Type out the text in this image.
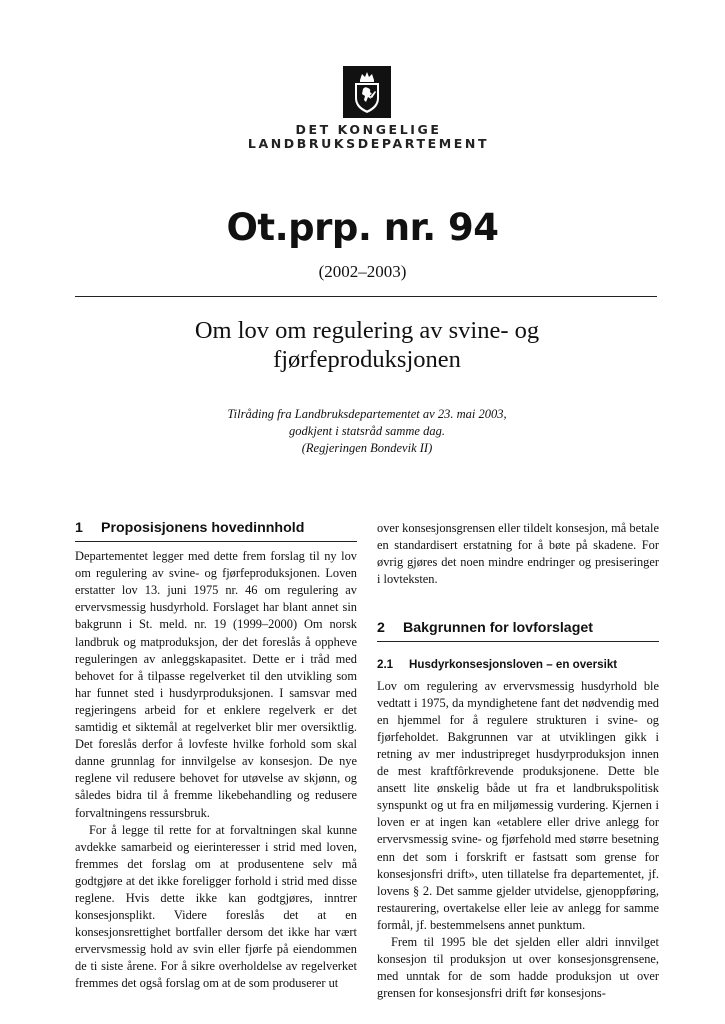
DET KONGELIGE
LANDBRUKSDEPARTEMENT
Ot.prp. nr. 94
(2002–2003)
Om lov om regulering av svine- og fjørfeproduksjonen
Tilråding fra Landbruksdepartementet av 23. mai 2003,
godkjent i statsråd samme dag.
(Regjeringen Bondevik II)
1 Proposisjonens hovedinnhold

Departementet legger med dette frem forslag til ny lov om regulering av svine- og fjørfeproduksjonen. Loven erstatter lov 13. juni 1975 nr. 46 om regulering av ervervsmessig husdyrhold. Forslaget har blant annet sin bakgrunn i St. meld. nr. 19 (1999–2000) Om norsk landbruk og matproduksjon, der det foreslås å oppheve reguleringen av anleggskapasitet. Dette er i tråd med behovet for å tilpasse regelverket til den utvikling som har funnet sted i husdyrproduksjonen. I samsvar med regjeringens arbeid for et enklere regelverk er det samtidig et siktemål at regelverket blir mer oversiktlig. Det foreslås derfor å lovfeste hvilke forhold som skal danne grunnlag for innvilgelse av konsesjon. De nye reglene vil redusere behovet for utøvelse av skjønn, og således bidra til å fremme likebehandling og redusere forvaltningens ressursbruk.

For å legge til rette for at forvaltningen skal kunne avdekke samarbeid og eierinteresser i strid med loven, fremmes det forslag om at produsentene selv må godtgjøre at det ikke foreligger forhold i strid med disse reglene. Hvis dette ikke kan godtgjøres, inntrer konsesjonsplikt. Videre foreslås det at en konsesjonsrettighet bortfaller dersom det ikke har vært ervervsmessig hold av svin eller fjørfe på eiendommen de ti siste årene. For å sikre overholdelse av regelverket fremmes det også forslag om at de som produserer ut

over konsesjonsgrensen eller tildelt konsesjon, må betale en standardisert erstatning for å bøte på skadene. For øvrig gjøres det noen mindre endringer og presiseringer i lovteksten.

2 Bakgrunnen for lovforslaget
2.1 Husdyrkonsesjonsloven – en oversikt

Lov om regulering av ervervsmessig husdyrhold ble vedtatt i 1975, da myndighetene fant det nødvendig med en hjemmel for å regulere strukturen i svine- og fjørfeholdet. Bakgrunnen var at utviklingen gikk i retning av mer industripreget husdyrproduksjon innen de mest kraftfôrkrevende produksjonene. Dette ble ansett lite ønskelig både ut fra et landbrukspolitisk synspunkt og ut fra en miljømessig vurdering. Kjernen i loven er at ingen kan «etablere eller drive anlegg for ervervsmessig svine- og fjørfehold med større besetning enn det som i forskrift er fastsatt som grense for konsesjonsfri drift», uten tillatelse fra departementet, jf. lovens § 2. Det samme gjelder utvidelse, gjenoppføring, restaurering, overtakelse eller leie av anlegg for samme formål, jf. bestemmelsens annet punktum.

Frem til 1995 ble det sjelden eller aldri innvilget konsesjon til produksjon ut over konsesjonsgrensene, med unntak for de som hadde produksjon ut over grensen for konsesjonsfri drift før konsesjons-
